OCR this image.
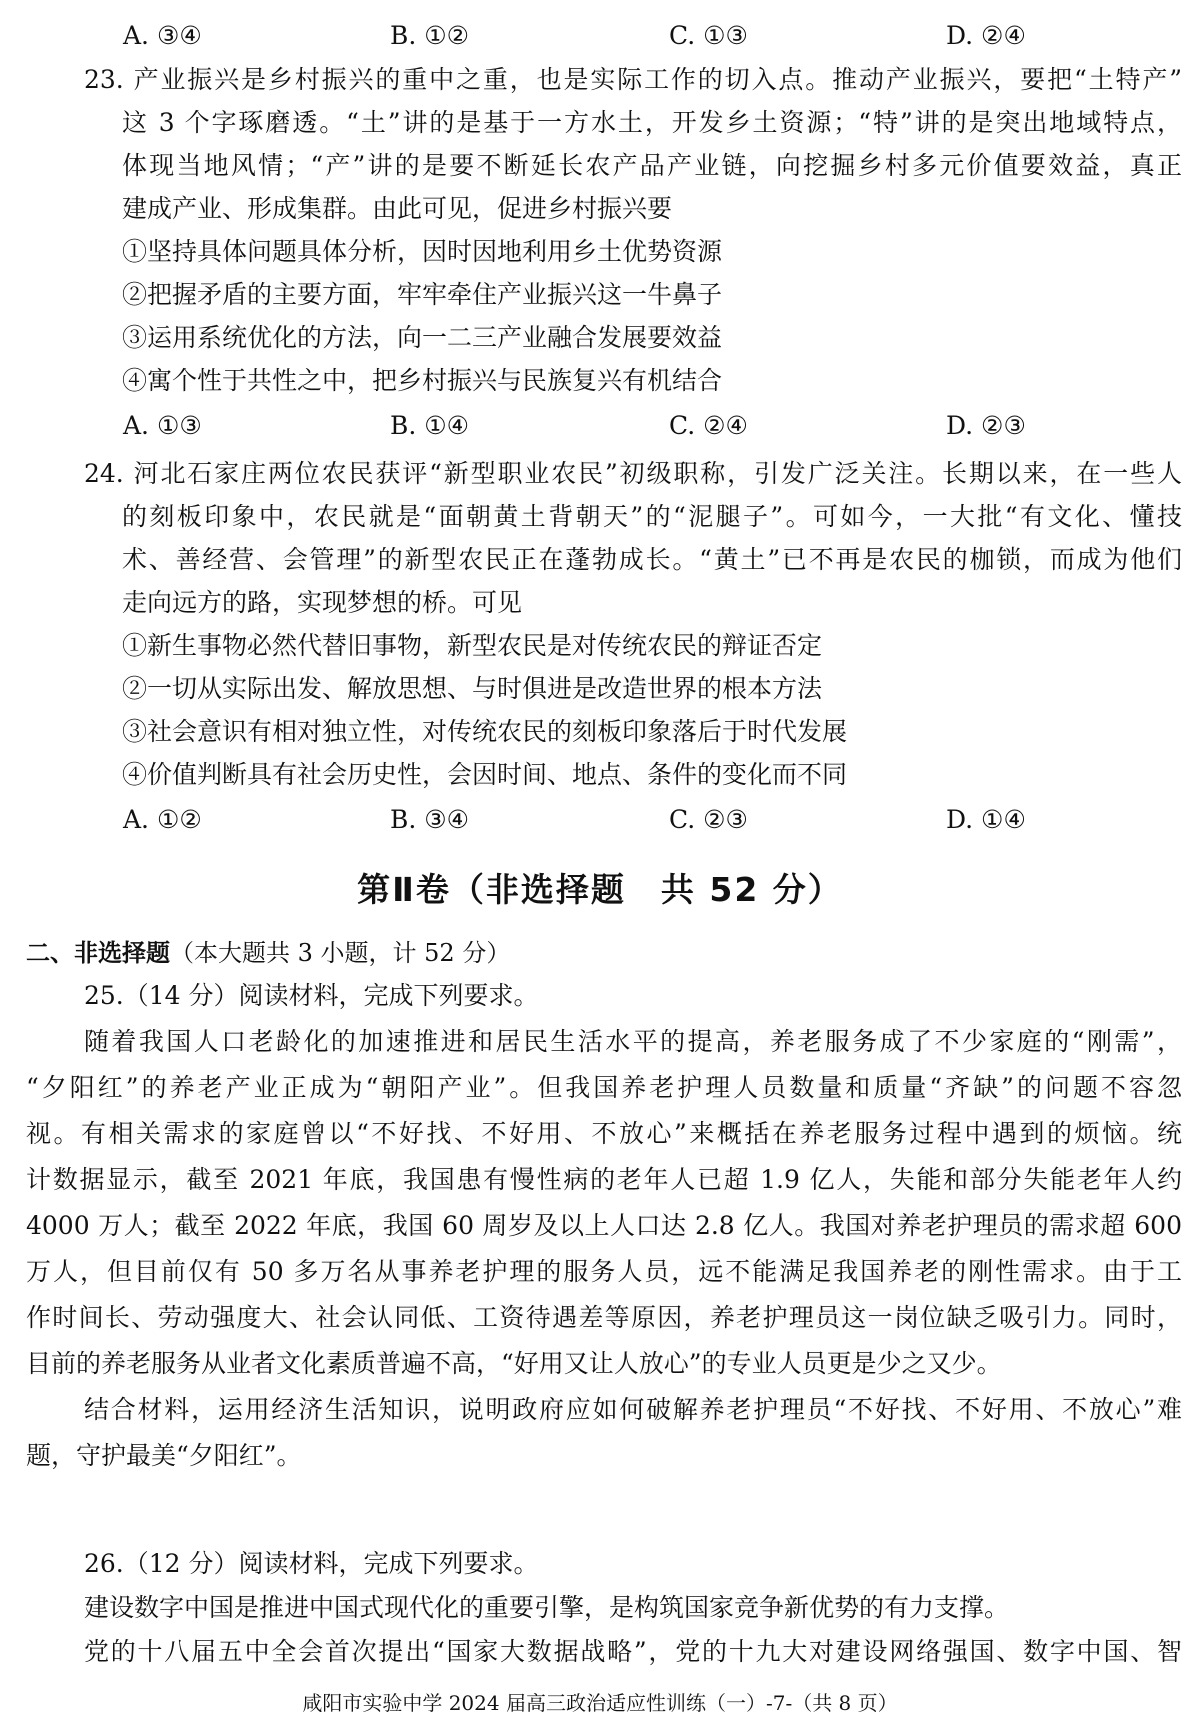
A. ③④	B. ①②	C. ①③	D. ②④
23. 产业振兴是乡村振兴的重中之重，也是实际工作的切入点。推动产业振兴，要把“土特产”
这 3 个字琢磨透。“土”讲的是基于一方水土，开发乡土资源；“特”讲的是突出地域特点，
体现当地风情；“产”讲的是要不断延长农产品产业链，向挖掘乡村多元价值要效益，真正
建成产业、形成集群。由此可见，促进乡村振兴要
①坚持具体问题具体分析，因时因地利用乡土优势资源
②把握矛盾的主要方面，牢牢牵住产业振兴这一牛鼻子
③运用系统优化的方法，向一二三产业融合发展要效益
④寓个性于共性之中，把乡村振兴与民族复兴有机结合
A. ①③	B. ①④	C. ②④	D. ②③
24. 河北石家庄两位农民获评“新型职业农民”初级职称，引发广泛关注。长期以来，在一些人
的刻板印象中，农民就是“面朝黄土背朝天”的“泥腿子”。可如今，一大批“有文化、懂技
术、善经营、会管理”的新型农民正在蓬勃成长。“黄土”已不再是农民的枷锁，而成为他们
走向远方的路，实现梦想的桥。可见
①新生事物必然代替旧事物，新型农民是对传统农民的辩证否定
②一切从实际出发、解放思想、与时俱进是改造世界的根本方法
③社会意识有相对独立性，对传统农民的刻板印象落后于时代发展
④价值判断具有社会历史性，会因时间、地点、条件的变化而不同
A. ①②	B. ③④	C. ②③	D. ①④
第Ⅱ卷（非选择题　共 52 分）
二、非选择题（本大题共 3 小题，计 52 分）
25.（14 分）阅读材料，完成下列要求。
随着我国人口老龄化的加速推进和居民生活水平的提高，养老服务成了不少家庭的“刚需”，
“夕阳红”的养老产业正成为“朝阳产业”。但我国养老护理人员数量和质量“齐缺”的问题不容忽
视。有相关需求的家庭曾以“不好找、不好用、不放心”来概括在养老服务过程中遇到的烦恼。统
计数据显示，截至 2021 年底，我国患有慢性病的老年人已超 1.9 亿人，失能和部分失能老年人约
4000 万人；截至 2022 年底，我国 60 周岁及以上人口达 2.8 亿人。我国对养老护理员的需求超 600
万人，但目前仅有 50 多万名从事养老护理的服务人员，远不能满足我国养老的刚性需求。由于工
作时间长、劳动强度大、社会认同低、工资待遇差等原因，养老护理员这一岗位缺乏吸引力。同时，
目前的养老服务从业者文化素质普遍不高，“好用又让人放心”的专业人员更是少之又少。
结合材料，运用经济生活知识，说明政府应如何破解养老护理员“不好找、不好用、不放心”难
题，守护最美“夕阳红”。
26.（12 分）阅读材料，完成下列要求。
建设数字中国是推进中国式现代化的重要引擎，是构筑国家竞争新优势的有力支撑。
党的十八届五中全会首次提出“国家大数据战略”，党的十九大对建设网络强国、数字中国、智
咸阳市实验中学 2024 届高三政治适应性训练（一）-7-（共 8 页）
